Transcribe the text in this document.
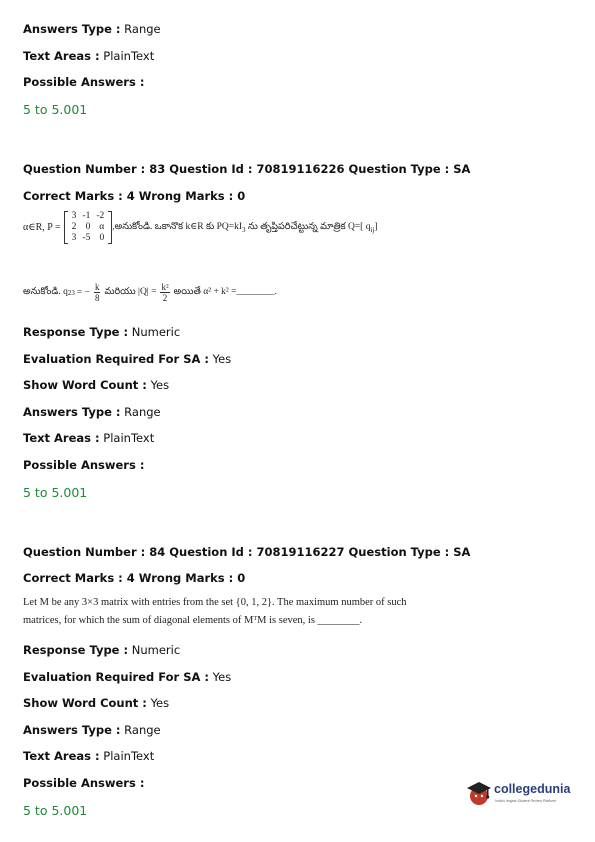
Answers Type : Range
Text Areas : PlainText
Possible Answers :
5 to 5.001
Question Number : 83 Question Id : 70819116226 Question Type : SA
Correct Marks : 4 Wrong Marks : 0
α∈R, P =
3	-1	-2
2	0	α
3	-5	0
,అనుకోండి. ఒకానొక k∈R కు $PQ=kI_3$ ను తృప్తిపరిచేట్టున్న మాత్రిక Q=[ $q_{ij}$]
అనుకోండి. q 23 = − $\frac{k}{8}$ మరియు $|Q| = \frac{\text{k²}}{2}$ అయితే α² + k² =________.
Response Type : Numeric
Evaluation Required For SA : Yes
Show Word Count : Yes
Answers Type : Range
Text Areas : PlainText
Possible Answers :
5 to 5.001
Question Number : 84 Question Id : 70819116227 Question Type : SA
Correct Marks : 4 Wrong Marks : 0
Let M be any 3×3 matrix with entries from the set {0, 1, 2}. The maximum number of such
matrices, for which the sum of diagonal elements of MᵀM is seven, is ________.
Response Type : Numeric
Evaluation Required For SA : Yes
Show Word Count : Yes
Answers Type : Range
Text Areas : PlainText
Possible Answers :
5 to 5.001
collegedunia
India's largest Student Review Platform
